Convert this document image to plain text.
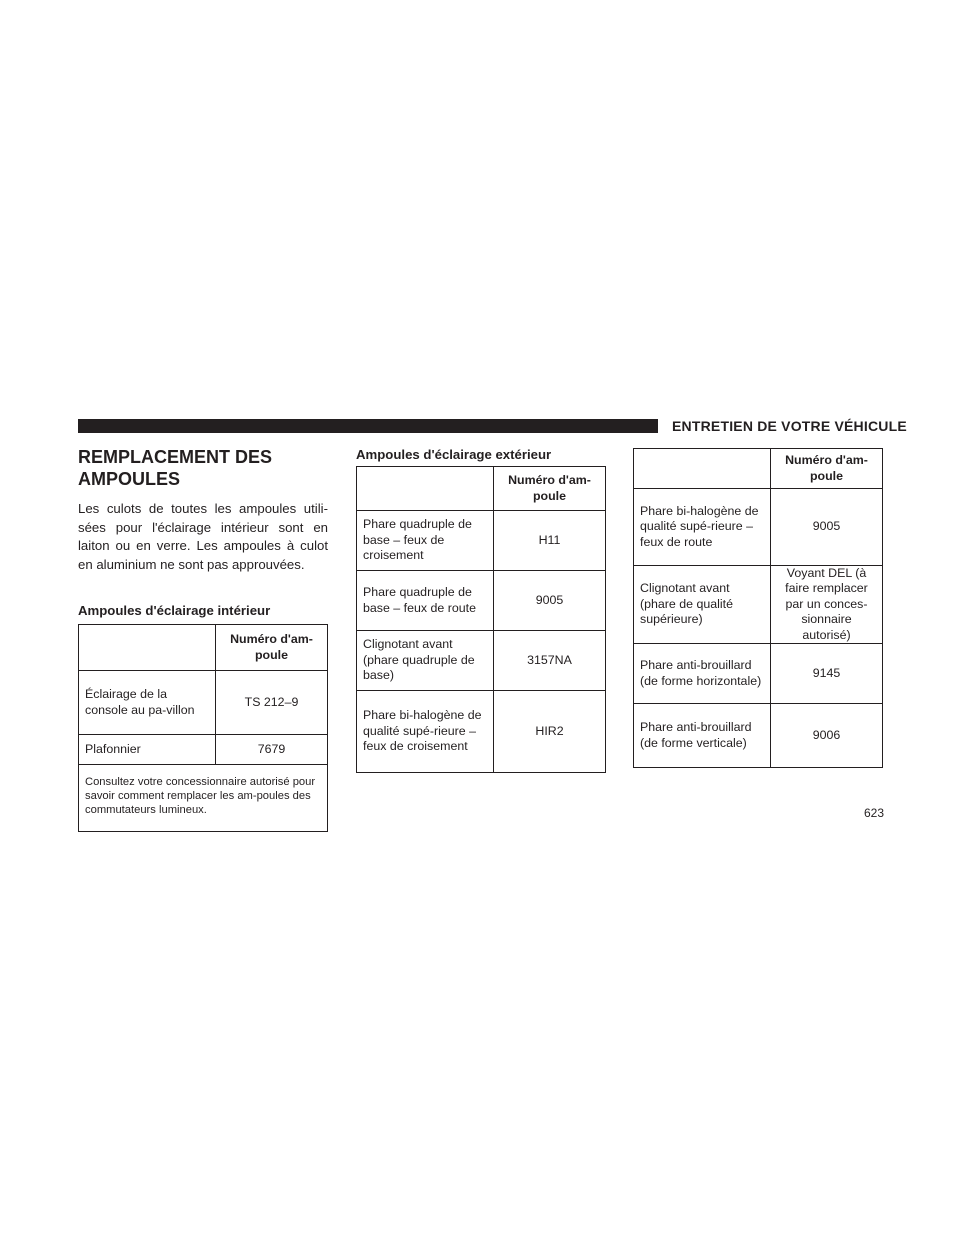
ENTRETIEN DE VOTRE VÉHICULE
REMPLACEMENT DES AMPOULES

Les culots de toutes les ampoules utili-sées pour l'éclairage intérieur sont en laiton ou en verre. Les ampoules à culot en aluminium ne sont pas approuvées.

Ampoules d'éclairage intérieur
	Numéro d'am-poule
Éclairage de la console au pa-villon	TS 212–9
Plafonnier	7679
Consultez votre concessionnaire autorisé pour savoir comment remplacer les am-poules des commutateurs lumineux.	
Ampoules d'éclairage extérieur
	Numéro d'am-poule
Phare quadruple de base – feux de croisement	H11
Phare quadruple de base – feux de route	9005
Clignotant avant (phare quadruple de base)	3157NA
Phare bi-halogène de qualité supé-rieure – feux de croisement	HIR2
	Numéro d'am-poule
Phare bi-halogène de qualité supé-rieure – feux de route	9005
Clignotant avant (phare de qualité supérieure)	Voyant DEL (à faire remplacer par un conces-sionnaire autorisé)
Phare anti-brouillard (de forme horizontale)	9145
Phare anti-brouillard (de forme verticale)	9006
623
